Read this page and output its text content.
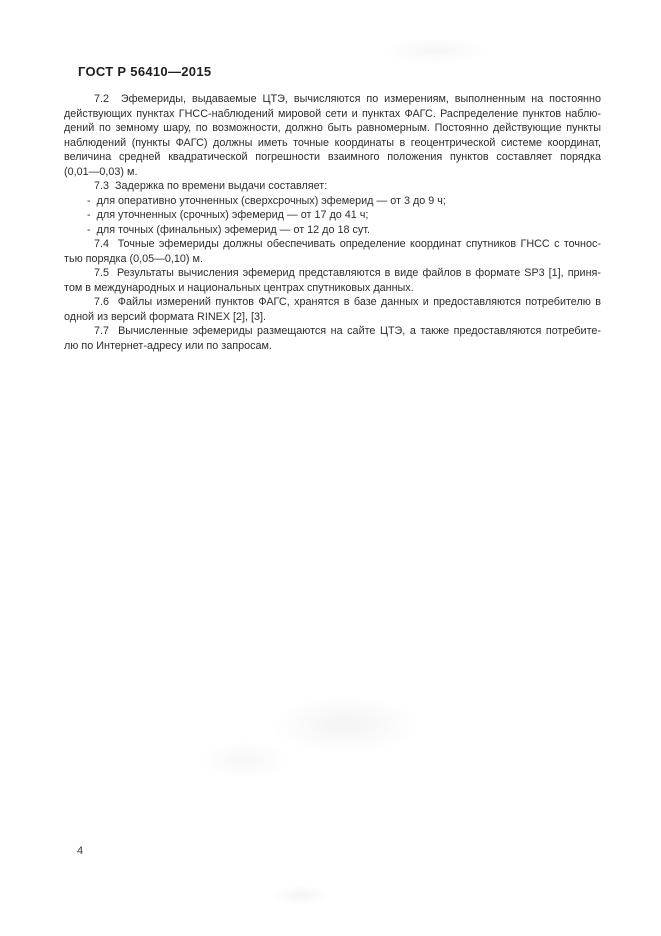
ГОСТ Р 56410—2015
7.2  Эфемериды, выдаваемые ЦТЭ, вычисляются по измерениям, выполненным на постоянно
действующих пунктах ГНСС-наблюдений мировой сети и пунктах ФАГС. Распределение пунктов наблю-
дений по земному шару, по возможности, должно быть равномерным. Постоянно действующие пункты
наблюдений (пункты ФАГС) должны иметь точные координаты в геоцентрической системе координат,
величина средней квадратической погрешности взаимного положения пунктов составляет порядка
(0,01—0,03) м.
7.3  Задержка по времени выдачи составляет:
-  для оперативно уточненных (сверхсрочных) эфемерид — от 3 до 9 ч;
-  для уточненных (срочных) эфемерид — от 17 до 41 ч;
-  для точных (финальных) эфемерид — от 12 до 18 сут.
7.4  Точные эфемериды должны обеспечивать определение координат спутников ГНСС с точнос-
тью порядка (0,05—0,10) м.
7.5  Результаты вычисления эфемерид представляются в виде файлов в формате SP3 [1], приня-
том в международных и национальных центрах спутниковых данных.
7.6  Файлы измерений пунктов ФАГС, хранятся в базе данных и предоставляются потребителю в
одной из версий формата RINEX [2], [3].
7.7  Вычисленные эфемериды размещаются на сайте ЦТЭ, а также предоставляются потребите-
лю по Интернет-адресу или по запросам.
4
